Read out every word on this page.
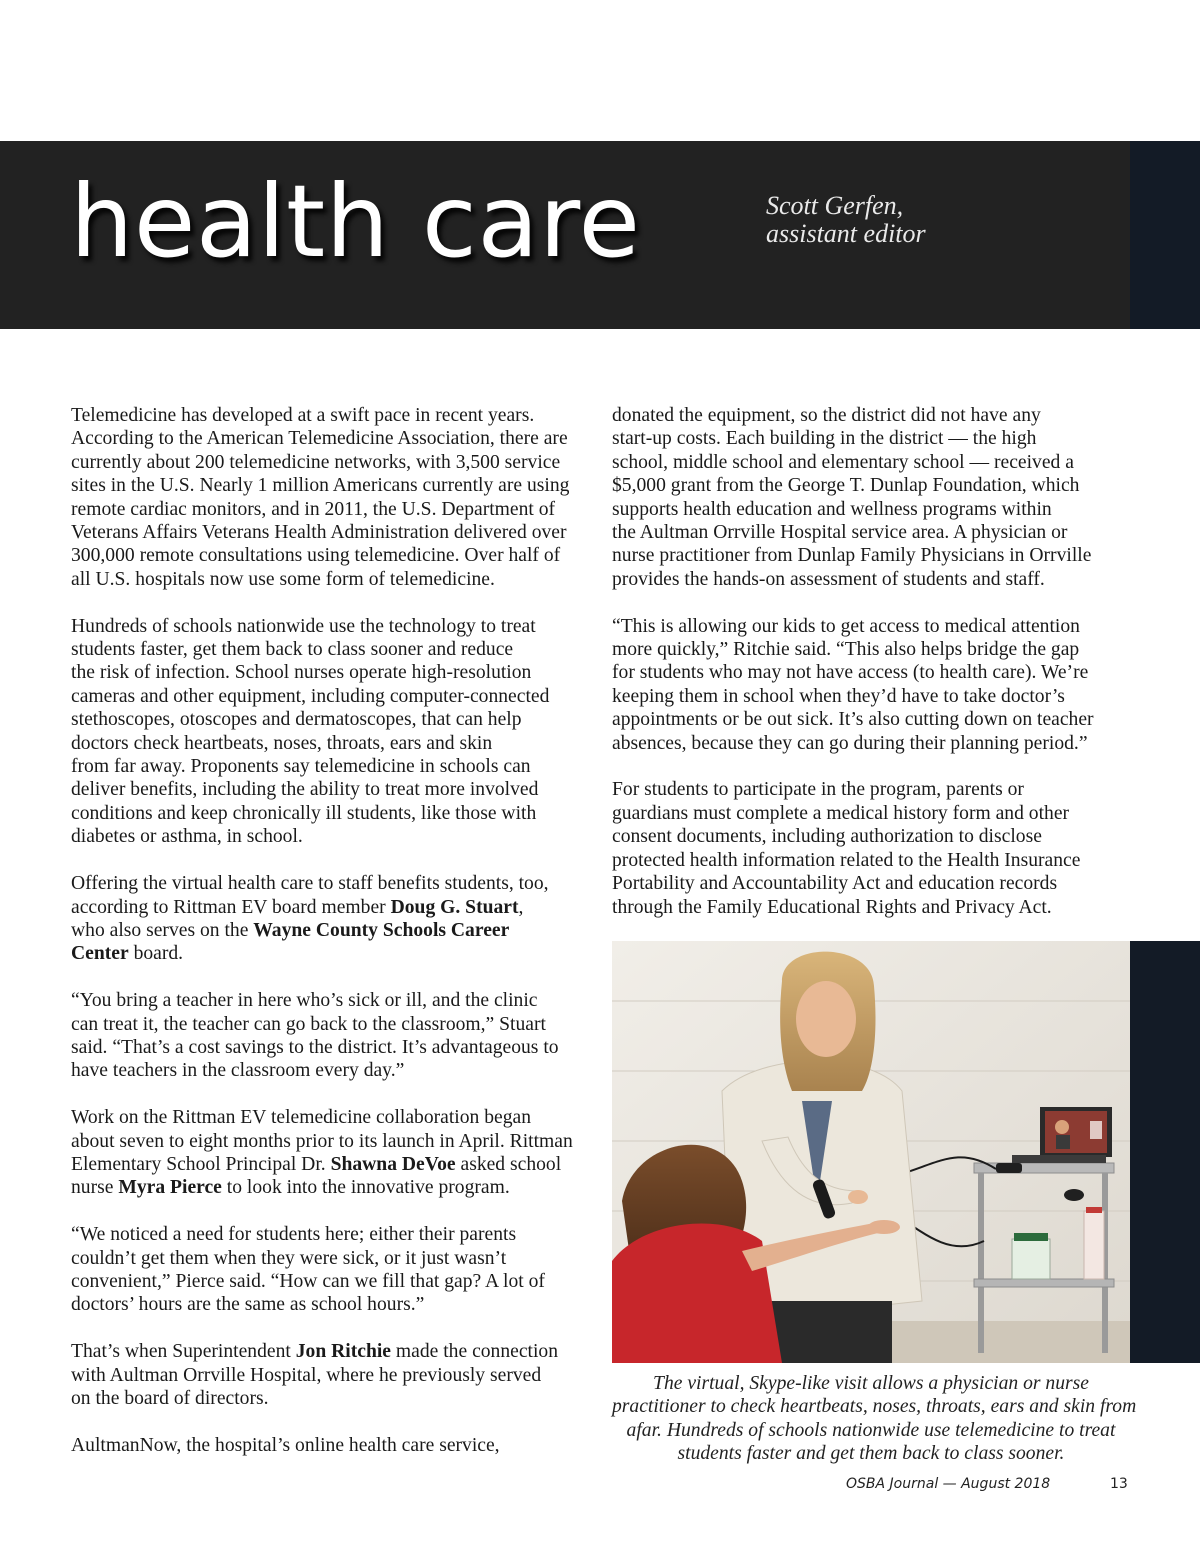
health care	Scott Gerfen,
assistant editor

Telemedicine has developed at a swift pace in recent years.
According to the American Telemedicine Association, there are
currently about 200 telemedicine networks, with 3,500 service
sites in the U.S. Nearly 1 million Americans currently are using
remote cardiac monitors, and in 2011, the U.S. Department of
Veterans Affairs Veterans Health Administration delivered over
300,000 remote consultations using telemedicine. Over half of
all U.S. hospitals now use some form of telemedicine.

Hundreds of schools nationwide use the technology to treat
students faster, get them back to class sooner and reduce
the risk of infection. School nurses operate high-resolution
cameras and other equipment, including computer-connected
stethoscopes, otoscopes and dermatoscopes, that can help
doctors check heartbeats, noses, throats, ears and skin
from far away. Proponents say telemedicine in schools can
deliver benefits, including the ability to treat more involved
conditions and keep chronically ill students, like those with
diabetes or asthma, in school.

Offering the virtual health care to staff benefits students, too,
according to Rittman EV board member Doug G. Stuart,
who also serves on the Wayne County Schools Career
Center board.

“You bring a teacher in here who’s sick or ill, and the clinic
can treat it, the teacher can go back to the classroom,” Stuart
said. “That’s a cost savings to the district. It’s advantageous to
have teachers in the classroom every day.”

Work on the Rittman EV telemedicine collaboration began
about seven to eight months prior to its launch in April. Rittman
Elementary School Principal Dr. Shawna DeVoe asked school
nurse Myra Pierce to look into the innovative program.

“We noticed a need for students here; either their parents
couldn’t get them when they were sick, or it just wasn’t
convenient,” Pierce said. “How can we fill that gap? A lot of
doctors’ hours are the same as school hours.”

That’s when Superintendent Jon Ritchie made the connection
with Aultman Orrville Hospital, where he previously served
on the board of directors.

AultmanNow, the hospital’s online health care service,

donated the equipment, so the district did not have any
start-up costs. Each building in the district — the high
school, middle school and elementary school — received a
$5,000 grant from the George T. Dunlap Foundation, which
supports health education and wellness programs within
the Aultman Orrville Hospital service area. A physician or
nurse practitioner from Dunlap Family Physicians in Orrville
provides the hands-on assessment of students and staff.

“This is allowing our kids to get access to medical attention
more quickly,” Ritchie said. “This also helps bridge the gap
for students who may not have access (to health care). We’re
keeping them in school when they’d have to take doctor’s
appointments or be out sick. It’s also cutting down on teacher
absences, because they can go during their planning period.”

For students to participate in the program, parents or
guardians must complete a medical history form and other
consent documents, including authorization to disclose
protected health information related to the Health Insurance
Portability and Accountability Act and education records
through the Family Educational Rights and Privacy Act.

The virtual, Skype-like visit allows a physician or nurse
practitioner to check heartbeats, noses, throats, ears and skin from
afar. Hundreds of schools nationwide use telemedicine to treat
students faster and get them back to class sooner.
OSBA Journal — August 2018	13
